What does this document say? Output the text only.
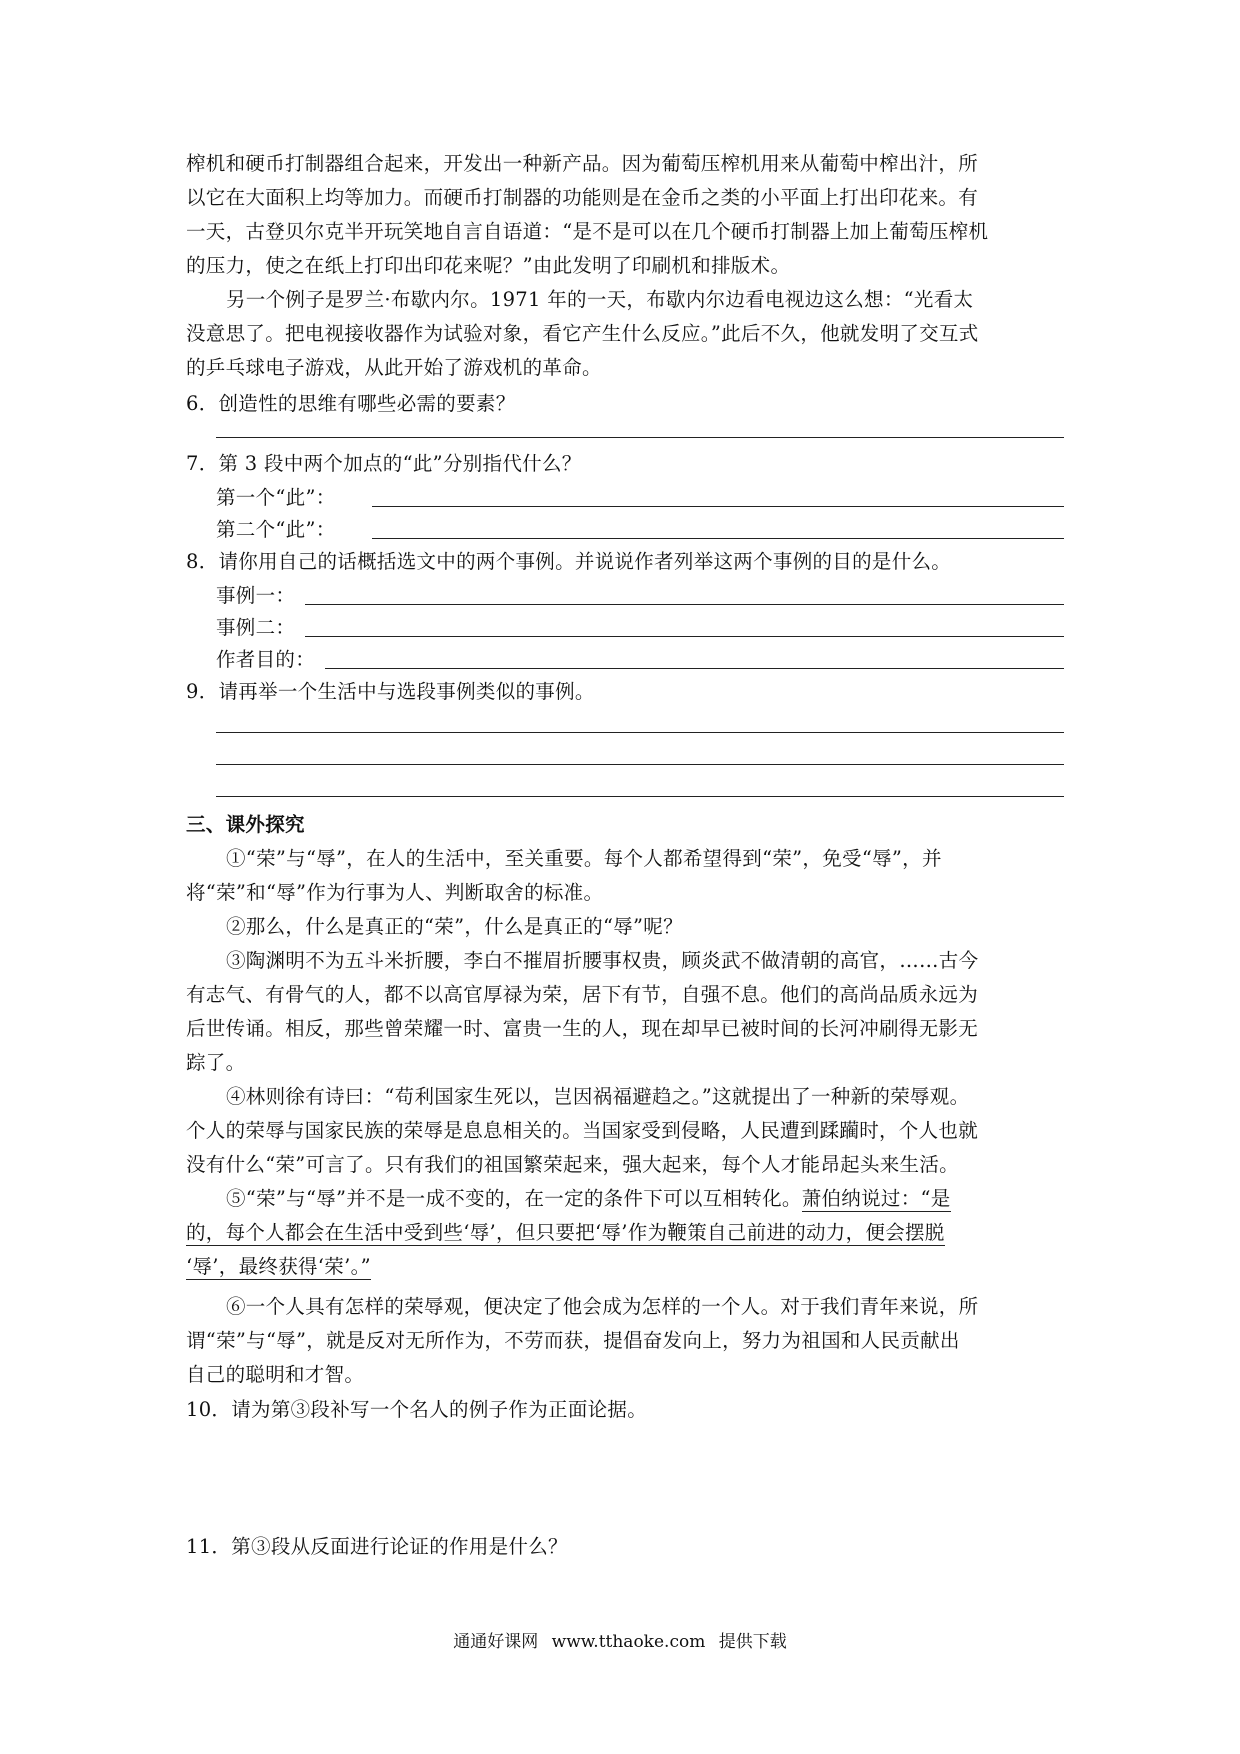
榨机和硬币打制器组合起来，开发出一种新产品。因为葡萄压榨机用来从葡萄中榨出汁，所
以它在大面积上均等加力。而硬币打制器的功能则是在金币之类的小平面上打出印花来。有
一天，古登贝尔克半开玩笑地自言自语道：“是不是可以在几个硬币打制器上加上葡萄压榨机
的压力，使之在纸上打印出印花来呢？”由此发明了印刷机和排版术。
另一个例子是罗兰·布歇内尔。1971 年的一天，布歇内尔边看电视边这么想：“光看太
没意思了。把电视接收器作为试验对象，看它产生什么反应。”此后不久，他就发明了交互式
的乒乓球电子游戏，从此开始了游戏机的革命。
6．创造性的思维有哪些必需的要素？
7．第 3 段中两个加点的“此”分别指代什么？
第一个“此”：
第二个“此”：
8．请你用自己的话概括选文中的两个事例。并说说作者列举这两个事例的目的是什么。
事例一：
事例二：
作者目的：
9．请再举一个生活中与选段事例类似的事例。
三、课外探究
①“荣”与“辱”，在人的生活中，至关重要。每个人都希望得到“荣”，免受“辱”，并
将“荣”和“辱”作为行事为人、判断取舍的标准。
②那么，什么是真正的“荣”，什么是真正的“辱”呢？
③陶渊明不为五斗米折腰，李白不摧眉折腰事权贵，顾炎武不做清朝的高官，……古今
有志气、有骨气的人，都不以高官厚禄为荣，居下有节，自强不息。他们的高尚品质永远为
后世传诵。相反，那些曾荣耀一时、富贵一生的人，现在却早已被时间的长河冲刷得无影无
踪了。
④林则徐有诗曰：“苟利国家生死以，岂因祸福避趋之。”这就提出了一种新的荣辱观。
个人的荣辱与国家民族的荣辱是息息相关的。当国家受到侵略，人民遭到蹂躏时，个人也就
没有什么“荣”可言了。只有我们的祖国繁荣起来，强大起来，每个人才能昂起头来生活。
⑤“荣”与“辱”并不是一成不变的，在一定的条件下可以互相转化。萧伯纳说过：“是
的，每个人都会在生活中受到些‘辱’，但只要把‘辱’作为鞭策自己前进的动力，便会摆脱
‘辱’，最终获得‘荣’。”
⑥一个人具有怎样的荣辱观，便决定了他会成为怎样的一个人。对于我们青年来说，所
谓“荣”与“辱”，就是反对无所作为，不劳而获，提倡奋发向上，努力为祖国和人民贡献出
自己的聪明和才智。
10．请为第③段补写一个名人的例子作为正面论据。
11．第③段从反面进行论证的作用是什么？
通通好课网 www.tthaoke.com 提供下载
